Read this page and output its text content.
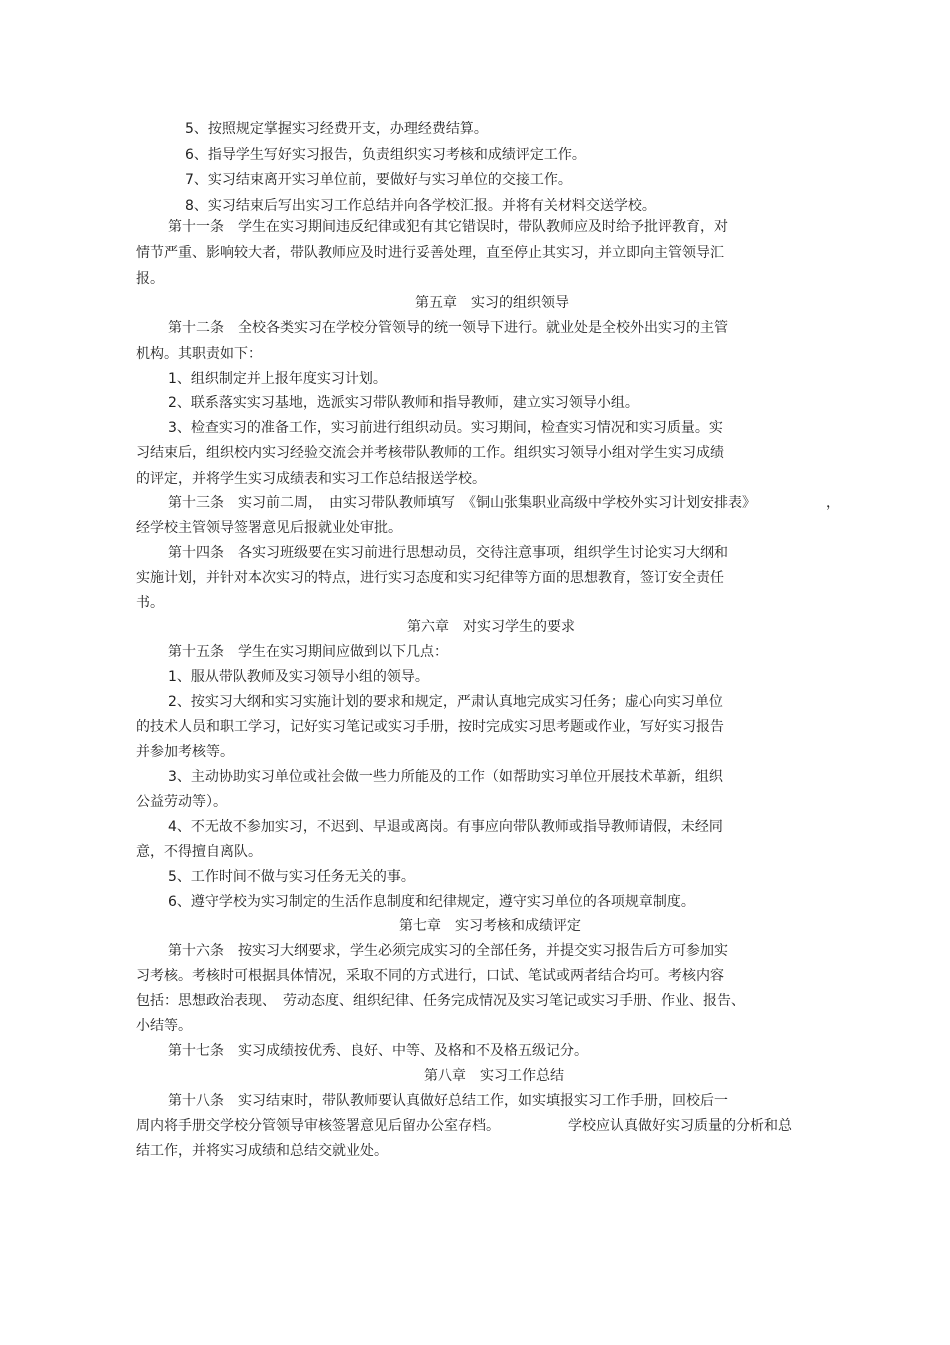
5、按照规定掌握实习经费开支，办理经费结算。
6、指导学生写好实习报告，负责组织实习考核和成绩评定工作。
7、实习结束离开实习单位前，要做好与实习单位的交接工作。
8、实习结束后写出实习工作总结并向各学校汇报。并将有关材料交送学校。
第十一条　学生在实习期间违反纪律或犯有其它错误时，带队教师应及时给予批评教育，对
情节严重、影响较大者，带队教师应及时进行妥善处理，直至停止其实习，并立即向主管领导汇
报。
第五章　实习的组织领导
第十二条　全校各类实习在学校分管领导的统一领导下进行。就业处是全校外出实习的主管
机构。其职责如下：
1、组织制定并上报年度实习计划。
2、联系落实实习基地，选派实习带队教师和指导教师，建立实习领导小组。
3、检查实习的准备工作，实习前进行组织动员。实习期间，检查实习情况和实习质量。实
习结束后，组织校内实习经验交流会并考核带队教师的工作。组织实习领导小组对学生实习成绩
的评定，并将学生实习成绩表和实习工作总结报送学校。
第十三条　实习前二周，　由实习带队教师填写　《铜山张集职业高级中学校外实习计划安排表》	，
经学校主管领导签署意见后报就业处审批。
第十四条　各实习班级要在实习前进行思想动员，交待注意事项，组织学生讨论实习大纲和
实施计划，并针对本次实习的特点，进行实习态度和实习纪律等方面的思想教育，签订安全责任
书。
第六章　对实习学生的要求
第十五条　学生在实习期间应做到以下几点：
1、服从带队教师及实习领导小组的领导。
2、按实习大纲和实习实施计划的要求和规定，严肃认真地完成实习任务；虚心向实习单位
的技术人员和职工学习，记好实习笔记或实习手册，按时完成实习思考题或作业，写好实习报告
并参加考核等。
3、主动协助实习单位或社会做一些力所能及的工作（如帮助实习单位开展技术革新，组织
公益劳动等）。
4、不无故不参加实习，不迟到、早退或离岗。有事应向带队教师或指导教师请假，未经同
意，不得擅自离队。
5、工作时间不做与实习任务无关的事。
6、遵守学校为实习制定的生活作息制度和纪律规定，遵守实习单位的各项规章制度。
第七章　实习考核和成绩评定
第十六条　按实习大纲要求，学生必须完成实习的全部任务，并提交实习报告后方可参加实
习考核。考核时可根据具体情况，采取不同的方式进行，口试、笔试或两者结合均可。考核内容
包括：思想政治表现、　劳动态度、组织纪律、任务完成情况及实习笔记或实习手册、作业、报告、
小结等。
第十七条　实习成绩按优秀、良好、中等、及格和不及格五级记分。
第八章　实习工作总结
第十八条　实习结束时，带队教师要认真做好总结工作，如实填报实习工作手册，回校后一
周内将手册交学校分管领导审核签署意见后留办公室存档。	学校应认真做好实习质量的分析和总
结工作，并将实习成绩和总结交就业处。
